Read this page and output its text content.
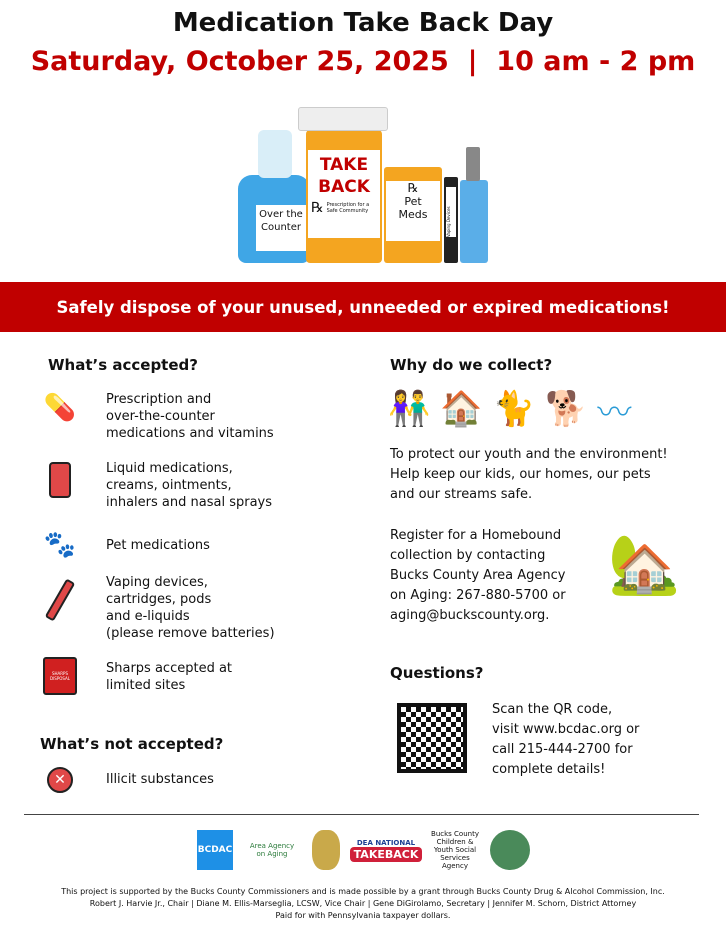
Medication Take Back Day
Saturday, October 25, 2025  |  10 am - 2 pm
Over the Counter
TAKE BACK
℞ Prescription for a Safe Community
℞
Pet Meds	Vaping Devices
Safely dispose of your unused, unneeded or expired medications!
What’s accepted?
💊 Prescription and
over-the-counter
medications and vitamins
Liquid medications,
creams, ointments,
inhalers and nasal sprays
🐾 Pet medications
Vaping devices,
cartridges, pods
and e-liquids
(please remove batteries)
SHARPS DISPOSAL
Sharps accepted at
limited sites
What’s not accepted?
✕	Illicit substances
Why do we collect?
👫 🏠 🐈 🐕 〰
To protect our youth and the environment!
Help keep our kids, our homes, our pets
and our streams safe.
Register for a Homebound
collection by contacting
Bucks County Area Agency
on Aging: 267-880-5700 or
aging@buckscounty.org.
🏡
Questions?
Scan the QR code,
visit www.bcdac.org or
call 215-444-2700 for
complete details!
BCDAC	Area Agency on Aging
DEA NATIONAL
TAKEBACK
Bucks County Children & Youth Social Services Agency
This project is supported by the Bucks County Commissioners and is made possible by a grant through Bucks County Drug & Alcohol Commission, Inc.
Robert J. Harvie Jr., Chair | Diane M. Ellis-Marseglia, LCSW, Vice Chair | Gene DiGirolamo, Secretary | Jennifer M. Schorn, District Attorney
Paid for with Pennsylvania taxpayer dollars.
